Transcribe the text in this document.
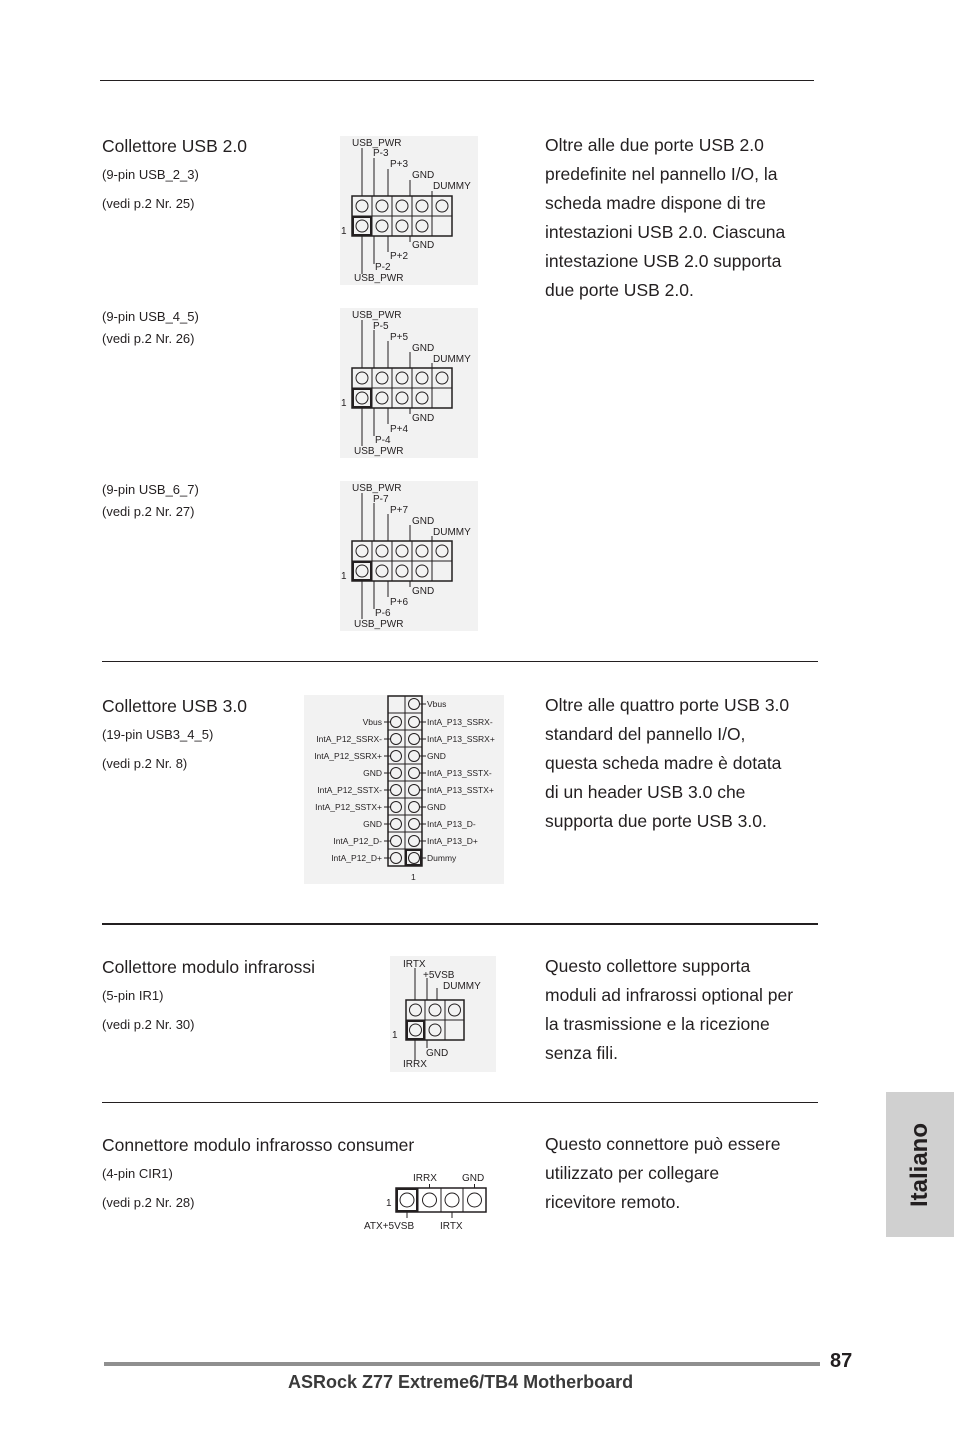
Collettore USB 2.0
(9-pin USB_2_3)
(vedi p.2 Nr. 25)
(9-pin USB_4_5)
(vedi p.2 Nr. 26)
(9-pin USB_6_7)
(vedi p.2 Nr. 27)
USB_PWR
P-3
P+3
GND
DUMMY
1
GND
P+2
P-2
USB_PWR
USB_PWR
P-5
P+5
GND
DUMMY
1
GND
P+4
P-4
USB_PWR
USB_PWR
P-7
P+7
GND
DUMMY
1
GND
P+6
P-6
USB_PWR
Oltre alle due porte USB 2.0
predefinite nel pannello I/O, la
scheda madre dispone di tre
intestazioni USB 2.0. Ciascuna
intestazione USB 2.0 supporta
due porte USB 2.0.
Collettore USB 3.0
(19-pin USB3_4_5)
(vedi p.2 Nr. 8)
Vbus
IntA_P12_SSRX-
IntA_P12_SSRX+
GND
IntA_P12_SSTX-
IntA_P12_SSTX+
GND
IntA_P12_D-
IntA_P12_D+
Vbus
IntA_P13_SSRX-
IntA_P13_SSRX+
GND
IntA_P13_SSTX-
IntA_P13_SSTX+
GND
IntA_P13_D-
IntA_P13_D+
Dummy
1
Oltre alle quattro porte USB 3.0
standard del pannello I/O,
questa scheda madre è dotata
di un header USB 3.0 che
supporta due porte USB 3.0.
Collettore modulo infrarossi
(5-pin IR1)
(vedi p.2 Nr. 30)
IRTX
+5VSB
DUMMY
1
GND
IRRX
Questo collettore supporta
moduli ad infrarossi optional per
la trasmissione e la ricezione
senza fili.
Connettore modulo infrarosso consumer
(4-pin CIR1)
(vedi p.2 Nr. 28)
IRRX	GND
1
ATX+5VSB	IRTX
Questo connettore può essere
utilizzato per collegare
ricevitore remoto.	Italiano
87
ASRock Z77 Extreme6/TB4 Motherboard
